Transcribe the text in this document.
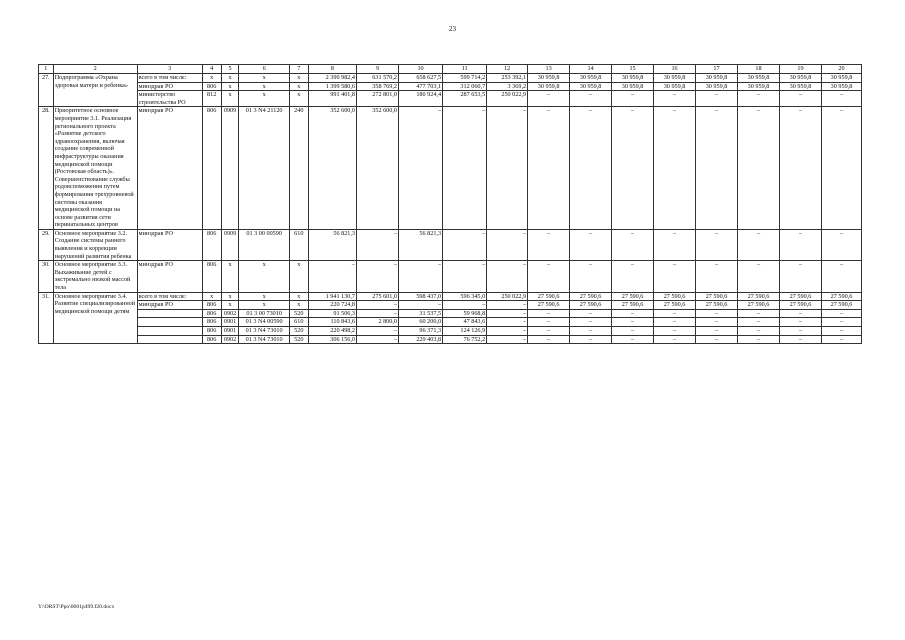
23
1	2	3	4	5	6	7	8	9	10	11	12	13	14	15	16	17	18	19	20
27.	Подпрограмма «Охрана здоровья матери и ребенка»	всего в том числе:	х	х	х	х	2 390 982,4	631 570,2	658 627,5	599 714,2	253 392,1	30 959,8	30 959,8	30 959,8	30 959,8	30 959,8	30 959,8	30 959,8	30 959,8
		минздрав РО	806	х	х	х	1 399 580,6	358 769,2	477 703,1	312 060,7	3 369,2	30 959,8	30 959,8	30 959,8	30 959,8	30 959,8	30 959,8	30 959,8	30 959,8
		министерство строительства РО	812	х	х	х	991 401,8	272 801,0	180 924,4	287 653,5	250 022,9	–	–	–	–	–	–	–	–
28.	Приоритетное основное мероприятие 3.1. Реализация регионального проекта «Развитие детского здравоохранения, включая создание современной инфраструктуры оказания медицинской помощи (Ростовская область)». Совершенствование службы родовспоможения путем формирования трехуровневой системы оказания медицинской помощи на основе развития сети перинатальных центров	минздрав РО	806	0909	01 3 N4 21120	240	352 600,0	352 600,0	–	–	–	–	–	–	–	–	–	–	–
29.	Основное мероприятие 3.2. Создание системы раннего выявления и коррекции нарушений развития ребенка	минздрав РО	806	0909	01 3 00 00590	610	56 821,3	–	56 821,3	–	–	–	–	–	–	–	–	–	–
30.	Основное мероприятие 3.3. Выхаживание детей с экстремально низкой массой тела	минздрав РО	806	х	х	х	–	–	–	–	–	–	–	–	–	–	–	–	–
31.	Основное мероприятие 3.4. Развитие специализированной медицинской помощи детям	всего в том числе:	х	х	х	х	1 941 130,7	275 601,0	598 437,0	596 345,0	250 022,9	27 590,6	27 590,6	27 590,6	27 590,6	27 590,6	27 590,6	27 590,6	27 590,6
		минздрав РО	806	х	х	х	220 724,8	–	–	–	–	27 590,6	27 590,6	27 590,6	27 590,6	27 590,6	27 590,6	27 590,6	27 590,6
			806	0902	01 3 00 73010	520	91 506,3	–	31 537,5	59 968,8	–	–	–	–	–	–	–	–	–
			806	0901	01 3 N4 00590	610	110 843,6	2 800,0	60 200,0	47 843,6	–	–	–	–	–	–	–	–	–
			806	0901	01 3 N4 73010	520	220 498,2	–	96 371,3	124 126,9	–	–	–	–	–	–	–	–	–
			806	0902	01 3 N4 73010	520	306 156,0	–	229 403,8	76 752,2	–	–	–	–	–	–	–	–	–
Y:\ORST\Ppo\0601p499.f20.docx
